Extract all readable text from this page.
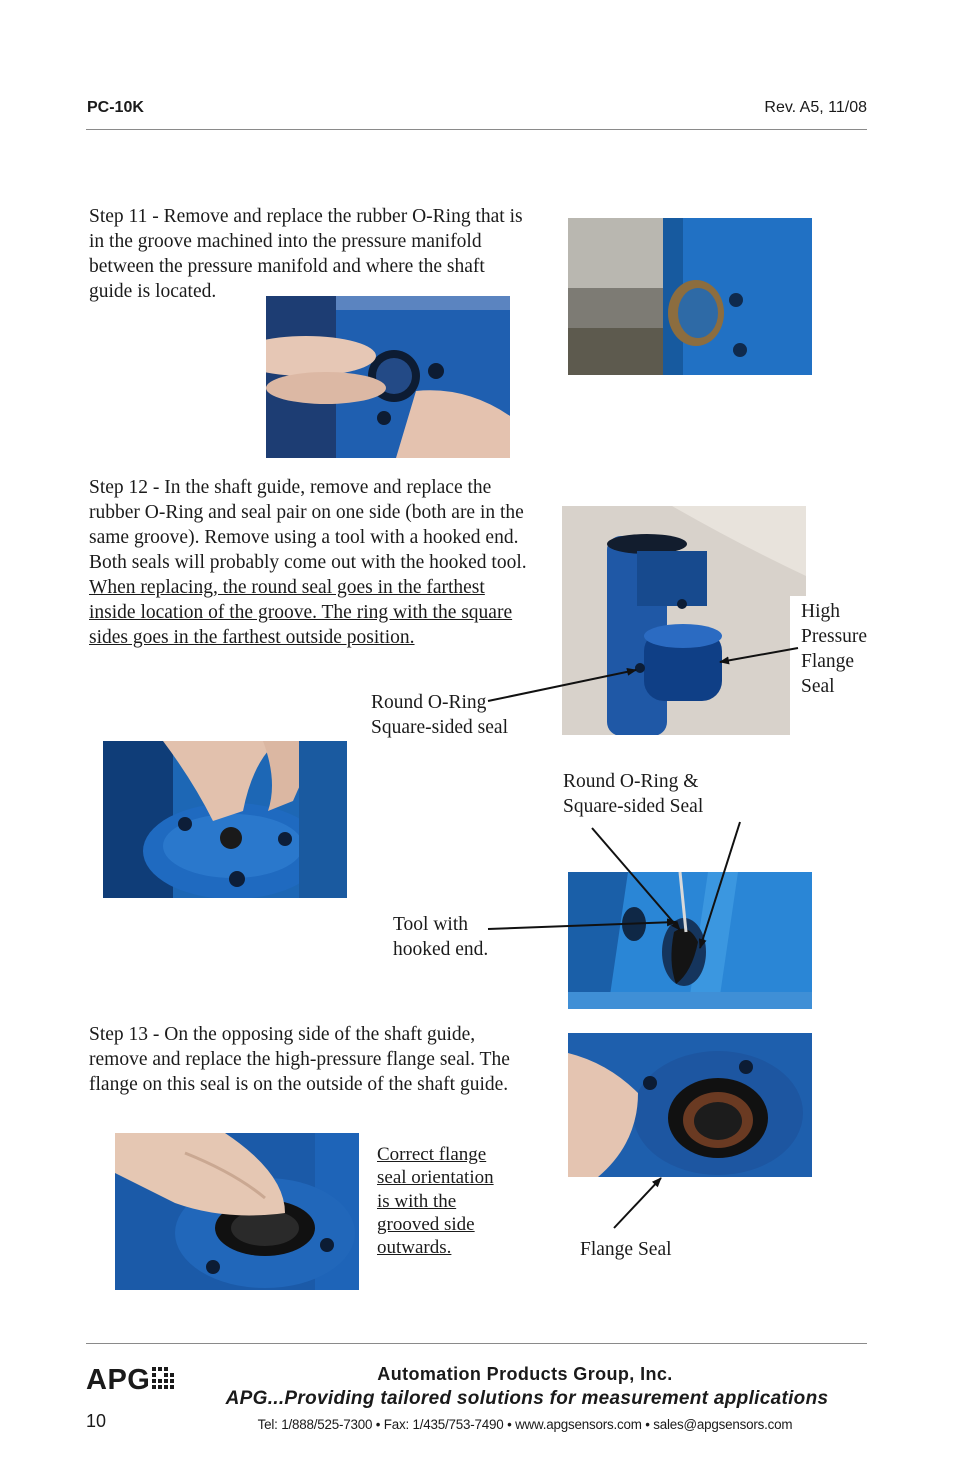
PC-10K	Rev. A5, 11/08

Step 11 - Remove and replace the rubber O-Ring that is

in the groove machined into the pressure manifold

between the pressure manifold and where the shaft

guide is located.

Step 12 - In the shaft guide, remove and replace the

rubber O-Ring and seal pair on one side (both are in the

same groove). Remove using a tool with a hooked end.

Both seals will probably come out with the hooked tool.

When replacing, the round seal goes in the farthest

inside location of the groove. The ring with the square

sides goes in the farthest outside position.

High
Pressure
Flange
Seal
Round O-Ring
Square-sided seal
Round O-Ring &
Square-sided Seal
Tool with
hooked end.

Step 13 - On the opposing side of the shaft guide,

remove and replace the high-pressure flange seal. The

flange on this seal is on the outside of the shaft guide.

Correct flange
seal orientation
is with the
grooved side
outwards.	Flange Seal
APG	Automation Products Group, Inc.
APG...Providing tailored solutions for measurement applications
Tel: 1/888/525-7300 • Fax: 1/435/753-7490 • www.apgsensors.com • sales@apgsensors.com
10
